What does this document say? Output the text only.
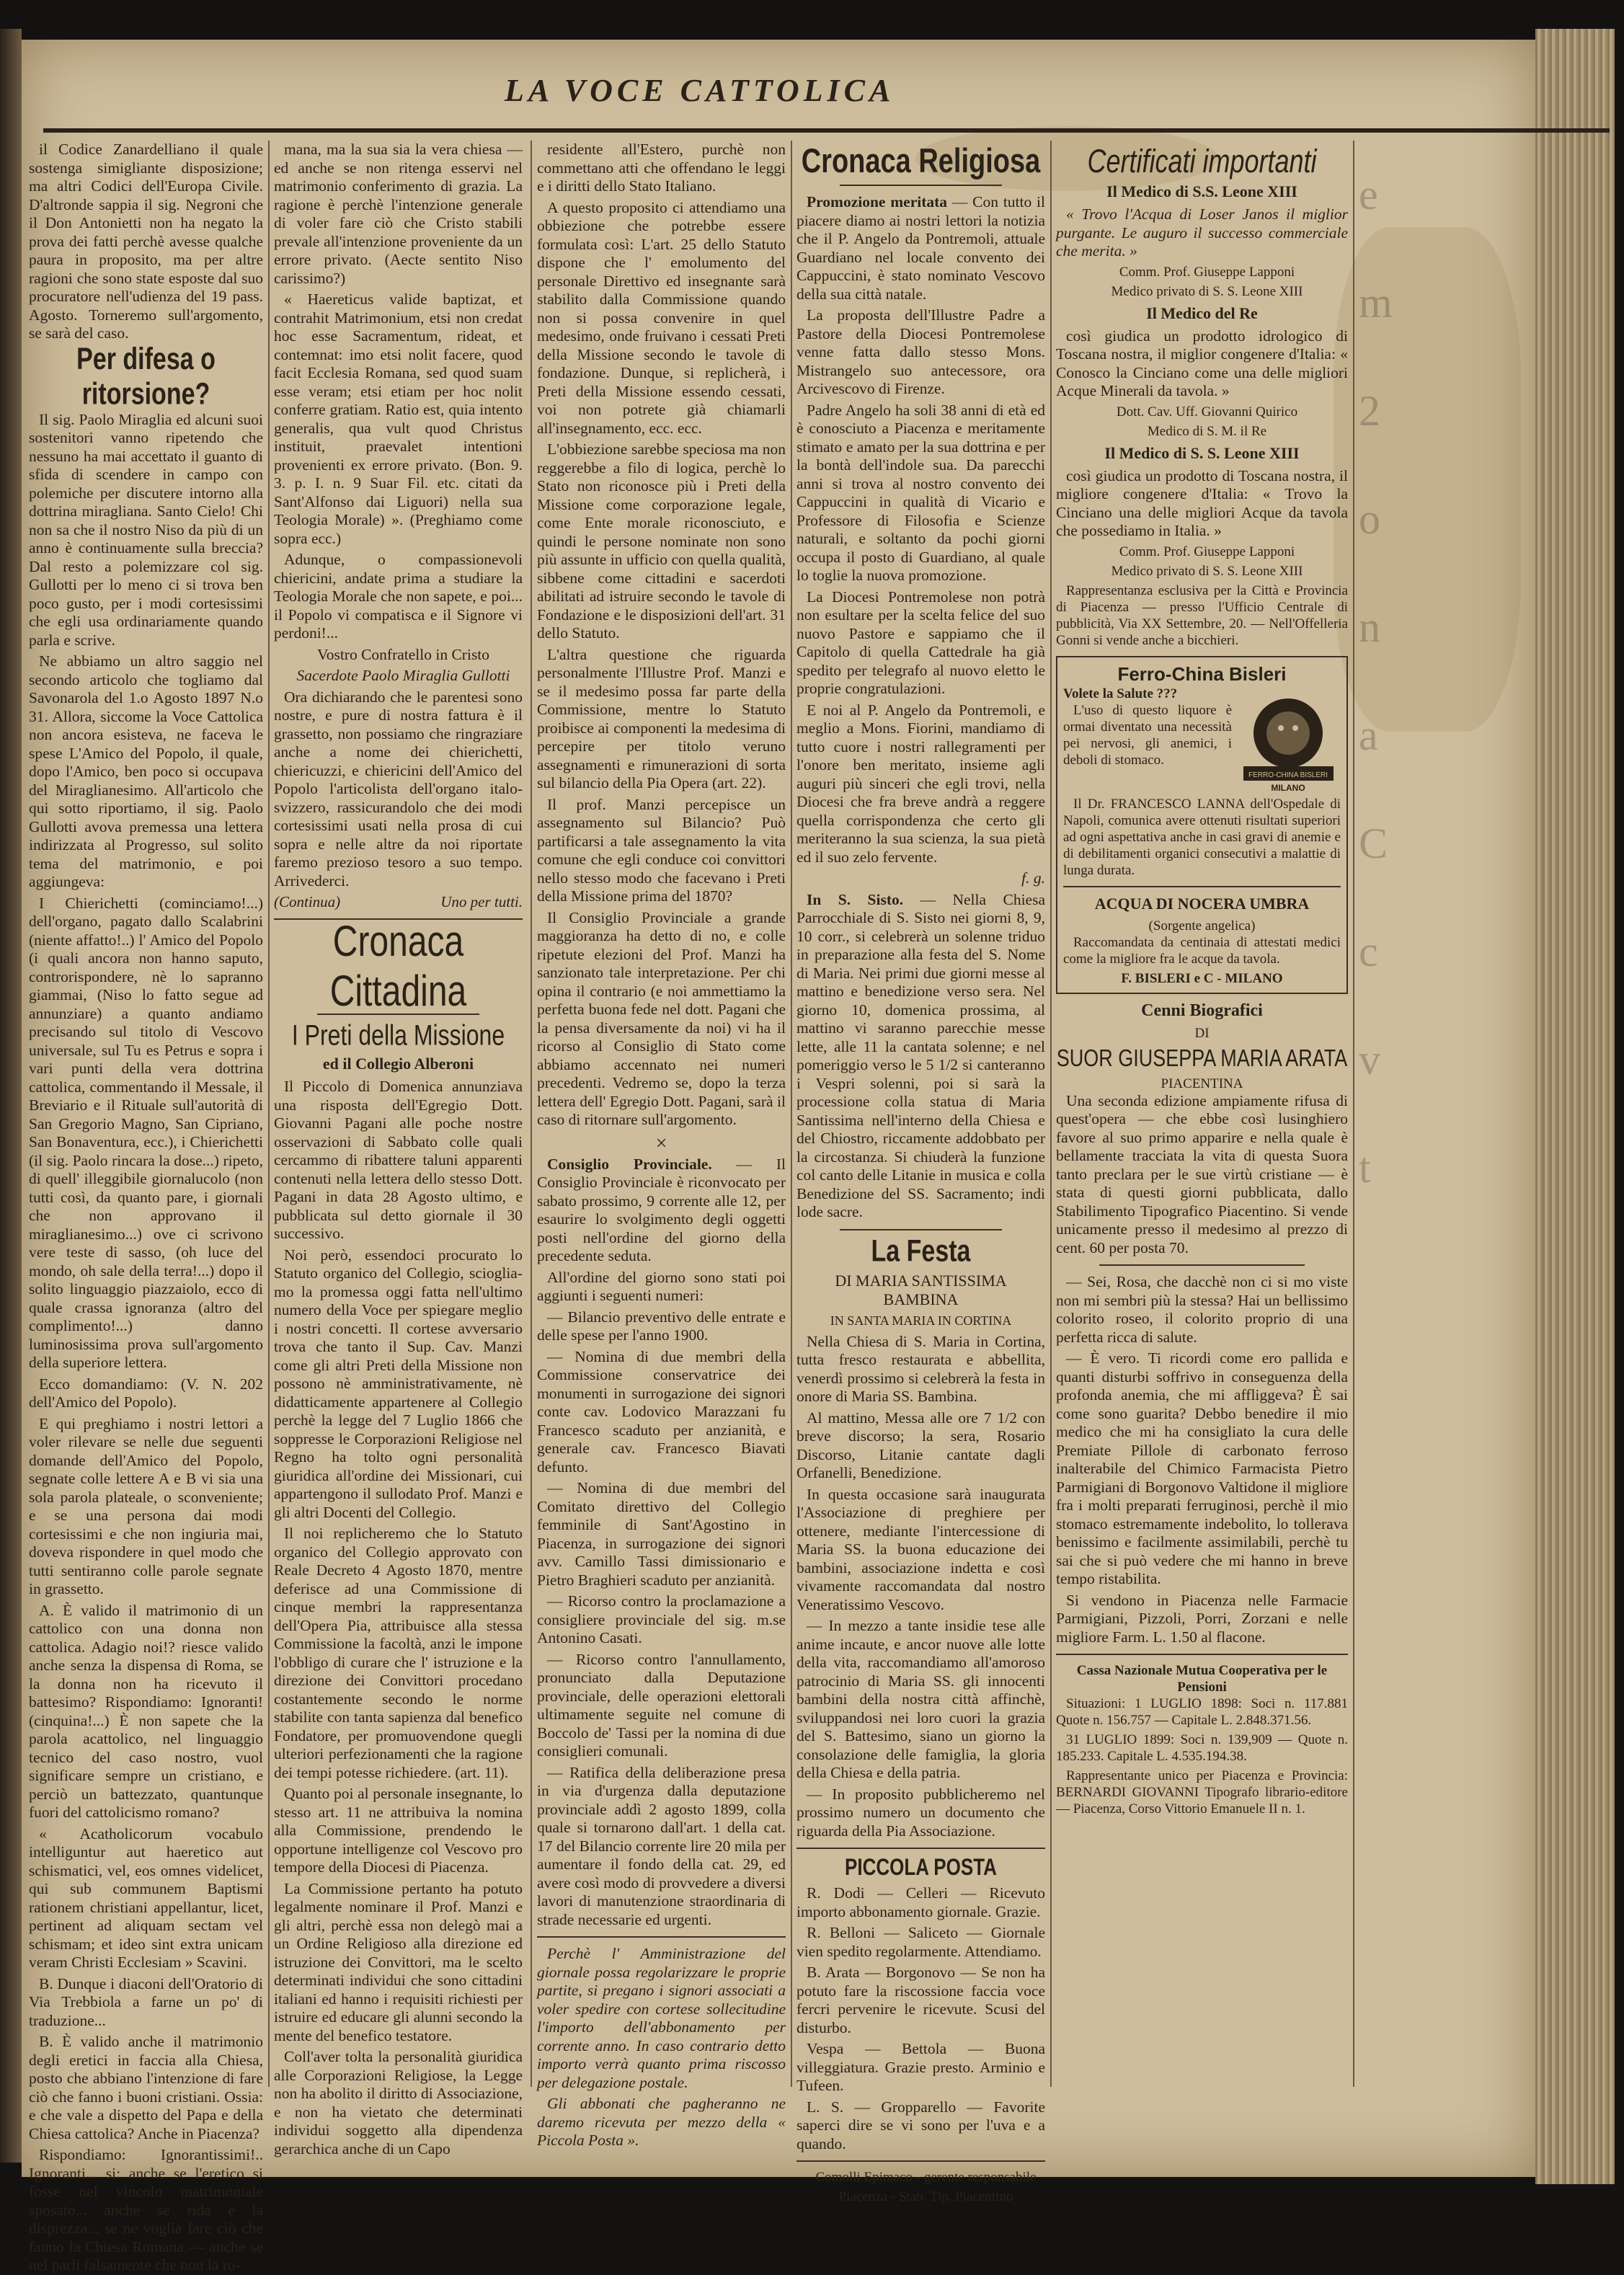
LA VOCE CATTOLICA

il Codice Zanardelliano il quale sostenga simigliante disposizione; ma altri Codici dell'Europa Civile. D'altronde sappia il sig. Negroni che il Don Antonietti non ha negato la prova dei fatti perchè avesse qualche paura in proposito, ma per altre ragioni che sono state esposte dal suo procuratore nell'udienza del 19 pass. Agosto. Torneremo sull'argomento, se sarà del caso.

Per difesa o ritorsione?

Il sig. Paolo Miraglia ed alcuni suoi sostenitori vanno ripetendo che nessuno ha mai accettato il guanto di sfida di scendere in campo con polemiche per discutere intorno alla dottrina miragliana. Santo Cielo! Chi non sa che il nostro Niso da più di un anno è continuamente sulla breccia? Dal resto a polemizzare col sig. Gullotti per lo meno ci si trova ben poco gusto, per i modi cortesissimi che egli usa ordinariamente quando parla e scrive.

Ne abbiamo un altro saggio nel secondo articolo che togliamo dal Savonarola del 1.o Agosto 1897 N.o 31. Allora, siccome la Voce Cattolica non ancora esisteva, ne faceva le spese L'Amico del Popolo, il quale, dopo l'Amico, ben poco si occupava del Miraglianesimo. All'articolo che qui sotto riportiamo, il sig. Paolo Gullotti avova premessa una lettera indirizzata al Progresso, sul solito tema del matrimonio, e poi aggiungeva:

I Chierichetti (cominciamo!...) dell'organo, pagato dallo Scalabrini (niente affatto!..) l' Amico del Popolo (i quali ancora non hanno saputo, controrispondere, nè lo sapranno giammai, (Niso lo fatto segue ad annunziare) a quanto andiamo precisando sul titolo di Vescovo universale, sul Tu es Petrus e sopra i vari punti della vera dottrina cattolica, commentando il Messale, il Breviario e il Rituale sull'autorità di San Gregorio Magno, San Cipriano, San Bonaventura, ecc.), i Chierichetti (il sig. Paolo rincara la dose...) ripeto, di quell' illeggibile giornalucolo (non tutti così, da quanto pare, i giornali che non approvano il miraglianesimo...) ove ci scrivono vere teste di sasso, (oh luce del mondo, oh sale della terra!...) dopo il solito linguaggio piazzaiolo, ecco di quale crassa ignoranza (altro del complimento!...) danno luminosissima prova sull'argomento della superiore lettera.

Ecco domandiamo: (V. N. 202 dell'Amico del Popolo).

E qui preghiamo i nostri lettori a voler rilevare se nelle due seguenti domande dell'Amico del Popolo, segnate colle lettere A e B vi sia una sola parola plateale, o sconveniente; e se una persona dai modi cortesissimi e che non ingiuria mai, doveva rispondere in quel modo che tutti sentiranno colle parole segnate in grassetto.

A. È valido il matrimonio di un cattolico con una donna non cattolica. Adagio noi!? riesce valido anche senza la dispensa di Roma, se la donna non ha ricevuto il battesimo? Rispondiamo: Ignoranti! (cinquina!...) È non sapete che la parola acattolico, nel linguaggio tecnico del caso nostro, vuol significare sempre un cristiano, e perciò un battezzato, quantunque fuori del cattolicismo romano?

« Acatholicorum vocabulo intelliguntur aut haeretico aut schismatici, vel, eos omnes videlicet, qui sub communem Baptismi rationem christiani appellantur, licet, pertinent ad aliquam sectam vel schismam; et ideo sint extra unicam veram Christi Ecclesiam » Scavini.

B. Dunque i diaconi dell'Oratorio di Via Trebbiola a farne un po' di traduzione...

B. È valido anche il matrimonio degli eretici in faccia alla Chiesa, posto che abbiano l'intenzione di fare ciò che fanno i buoni cristiani. Ossia: e che vale a dispetto del Papa e della Chiesa cattolica? Anche in Piacenza?

Rispondiamo: Ignorantissimi!.. Ignoranti... si: anche se l'eretico si fosse nel vincolo matrimoniale sposato... anche se rida e la disprezza... se ne voglia fare ciò che fanno la Chiesa Romana — anche se nel parli falsamente che non la ro-

mana, ma la sua sia la vera chiesa — ed anche se non ritenga esservi nel matrimonio conferimento di grazia. La ragione è perchè l'intenzione generale di voler fare ciò che Cristo stabili prevale all'intenzione proveniente da un errore privato. (Aecte sentito Niso carissimo?)

« Haereticus valide baptizat, et contrahit Matrimonium, etsi non credat hoc esse Sacramentum, rideat, et contemnat: imo etsi nolit facere, quod facit Ecclesia Romana, sed quod suam esse veram; etsi etiam per hoc nolit conferre gratiam. Ratio est, quia intento generalis, qua vult quod Christus instituit, praevalet intentioni provenienti ex errore privato. (Bon. 9. 3. p. I. n. 9 Suar Fil. etc. citati da Sant'Alfonso dai Liguori) nella sua Teologia Morale) ». (Preghiamo come sopra ecc.)

Adunque, o compassionevoli chiericini, andate prima a studiare la Teologia Morale che non sapete, e poi... il Popolo vi compatisca e il Signore vi perdoni!...

Vostro Confratello in Cristo

Sacerdote Paolo Miraglia Gullotti

Ora dichiarando che le parentesi sono nostre, e pure di nostra fattura è il grassetto, non possiamo che ringraziare anche a nome dei chierichetti, chiericuzzi, e chiericini dell'Amico del Popolo l'articolista dell'organo italo-svizzero, rassicurandolo che dei modi cortesissimi usati nella prosa di cui sopra e nelle altre da noi riportate faremo prezioso tesoro a suo tempo. Arrivederci.

(Continua)	Uno per tutti.
Cronaca Cittadina
I Preti della Missione
ed il Collegio Alberoni

Il Piccolo di Domenica annunziava una risposta dell'Egregio Dott. Giovanni Pagani alle poche nostre osservazioni di Sabbato colle quali cercammo di ribattere taluni apparenti contenuti nella lettera dello stesso Dott. Pagani in data 28 Agosto ultimo, e pubblicata sul detto giornale il 30 successivo.

Noi però, essendoci procurato lo Statuto organico del Collegio, scioglia-mo la promessa oggi fatta nell'ultimo numero della Voce per spiegare meglio i nostri concetti. Il cortese avversario trova che tanto il Sup. Cav. Manzi come gli altri Preti della Missione non possono nè amministrativamente, nè didatticamente appartenere al Collegio perchè la legge del 7 Luglio 1866 che soppresse le Corporazioni Religiose nel Regno ha tolto ogni personalità giuridica all'ordine dei Missionari, cui appartengono il sullodato Prof. Manzi e gli altri Docenti del Collegio.

Il noi replicheremo che lo Statuto organico del Collegio approvato con Reale Decreto 4 Agosto 1870, mentre deferisce ad una Commissione di cinque membri la rappresentanza dell'Opera Pia, attribuisce alla stessa Commissione la facoltà, anzi le impone l'obbligo di curare che l' istruzione e la direzione dei Convittori procedano costantemente secondo le norme stabilite con tanta sapienza dal benefico Fondatore, per promuovendone quegli ulteriori perfezionamenti che la ragione dei tempi potesse richiedere. (art. 11).

Quanto poi al personale insegnante, lo stesso art. 11 ne attribuiva la nomina alla Commissione, prendendo le opportune intelligenze col Vescovo pro tempore della Diocesi di Piacenza.

La Commissione pertanto ha potuto legalmente nominare il Prof. Manzi e gli altri, perchè essa non delegò mai a un Ordine Religioso alla direzione ed istruzione dei Convittori, ma le scelto determinati individui che sono cittadini italiani ed hanno i requisiti richiesti per istruire ed educare gli alunni secondo la mente del benefico testatore.

Coll'aver tolta la personalità giuridica alle Corporazioni Religiose, la Legge non ha abolito il diritto di Associazione, e non ha vietato che determinati individui soggetto alla dipendenza gerarchica anche di un Capo

residente all'Estero, purchè non commettano atti che offendano le leggi e i diritti dello Stato Italiano.

A questo proposito ci attendiamo una obbiezione che potrebbe essere formulata così: L'art. 25 dello Statuto dispone che l' emolumento del personale Direttivo ed insegnante sarà stabilito dalla Commissione quando non si possa convenire in quel medesimo, onde fruivano i cessati Preti della Missione secondo le tavole di fondazione. Dunque, si replicherà, i Preti della Missione essendo cessati, voi non potrete già chiamarli all'insegnamento, ecc. ecc.

L'obbiezione sarebbe speciosa ma non reggerebbe a filo di logica, perchè lo Stato non riconosce più i Preti della Missione come corporazione legale, come Ente morale riconosciuto, e quindi le persone nominate non sono più assunte in ufficio con quella qualità, sibbene come cittadini e sacerdoti abilitati ad istruire secondo le tavole di Fondazione e le disposizioni dell'art. 31 dello Statuto.

L'altra questione che riguarda personalmente l'Illustre Prof. Manzi e se il medesimo possa far parte della Commissione, mentre lo Statuto proibisce ai componenti la medesima di percepire per titolo veruno assegnamenti e rimunerazioni di sorta sul bilancio della Pia Opera (art. 22).

Il prof. Manzi percepisce un assegnamento sul Bilancio? Può partificarsi a tale assegnamento la vita comune che egli conduce coi convittori nello stesso modo che facevano i Preti della Missione prima del 1870?

Il Consiglio Provinciale a grande maggioranza ha detto di no, e colle ripetute elezioni del Prof. Manzi ha sanzionato tale interpretazione. Per chi opina il contrario (e noi ammettiamo la perfetta buona fede nel dott. Pagani che la pensa diversamente da noi) vi ha il ricorso al Consiglio di Stato come abbiamo accennato nei numeri precedenti. Vedremo se, dopo la terza lettera dell' Egregio Dott. Pagani, sarà il caso di ritornare sull'argomento.

×

Consiglio Provinciale. — Il Consiglio Provinciale è riconvocato per sabato prossimo, 9 corrente alle 12, per esaurire lo svolgimento degli oggetti posti nell'ordine del giorno della precedente seduta.

All'ordine del giorno sono stati poi aggiunti i seguenti numeri:

— Bilancio preventivo delle entrate e delle spese per l'anno 1900.

— Nomina di due membri della Commissione conservatrice dei monumenti in surrogazione dei signori conte cav. Lodovico Marazzani fu Francesco scaduto per anzianità, e generale cav. Francesco Biavati defunto.

— Nomina di due membri del Comitato direttivo del Collegio femminile di Sant'Agostino in Piacenza, in surrogazione dei signori avv. Camillo Tassi dimissionario e Pietro Braghieri scaduto per anzianità.

— Ricorso contro la proclamazione a consigliere provinciale del sig. m.se Antonino Casati.

— Ricorso contro l'annullamento, pronunciato dalla Deputazione provinciale, delle operazioni elettorali ultimamente seguite nel comune di Boccolo de' Tassi per la nomina di due consiglieri comunali.

— Ratifica della deliberazione presa in via d'urgenza dalla deputazione provinciale addì 2 agosto 1899, colla quale si tornarono dall'art. 1 della cat. 17 del Bilancio corrente lire 20 mila per aumentare il fondo della cat. 29, ed avere così modo di provvedere a diversi lavori di manutenzione straordinaria di strade necessarie ed urgenti.

Perchè l' Amministrazione del giornale possa regolarizzare le proprie partite, si pregano i signori associati a voler spedire con cortese sollecitudine l'importo dell'abbonamento per corrente anno. In caso contrario detto importo verrà quanto prima riscosso per delegazione postale.

Gli abbonati che pagheranno ne daremo ricevuta per mezzo della « Piccola Posta ».

Cronaca Religiosa

Promozione meritata — Con tutto il piacere diamo ai nostri lettori la notizia che il P. Angelo da Pontremoli, attuale Guardiano nel locale convento dei Cappuccini, è stato nominato Vescovo della sua città natale.

La proposta dell'Illustre Padre a Pastore della Diocesi Pontremolese venne fatta dallo stesso Mons. Mistrangelo suo antecessore, ora Arcivescovo di Firenze.

Padre Angelo ha soli 38 anni di età ed è conosciuto a Piacenza e meritamente stimato e amato per la sua dottrina e per la bontà dell'indole sua. Da parecchi anni si trova al nostro convento dei Cappuccini in qualità di Vicario e Professore di Filosofia e Scienze naturali, e soltanto da pochi giorni occupa il posto di Guardiano, al quale lo toglie la nuova promozione.

La Diocesi Pontremolese non potrà non esultare per la scelta felice del suo nuovo Pastore e sappiamo che il Capitolo di quella Cattedrale ha già spedito per telegrafo al nuovo eletto le proprie congratulazioni.

E noi al P. Angelo da Pontremoli, e meglio a Mons. Fiorini, mandiamo di tutto cuore i nostri rallegramenti per l'onore ben meritato, insieme agli auguri più sinceri che egli trovi, nella Diocesi che fra breve andrà a reggere quella corrispondenza che certo gli meriteranno la sua scienza, la sua pietà ed il suo zelo fervente.

f. g.

In S. Sisto. — Nella Chiesa Parrocchiale di S. Sisto nei giorni 8, 9, 10 corr., si celebrerà un solenne triduo in preparazione alla festa del S. Nome di Maria. Nei primi due giorni messe al mattino e benedizione verso sera. Nel giorno 10, domenica prossima, al mattino vi saranno parecchie messe lette, alle 11 la cantata solenne; e nel pomeriggio verso le 5 1/2 si canteranno i Vespri solenni, poi si sarà la processione colla statua di Maria Santissima nell'interno della Chiesa e del Chiostro, riccamente addobbato per la circostanza. Si chiuderà la funzione col canto delle Litanie in musica e colla Benedizione del SS. Sacramento; indi lode sacre.

La Festa
DI MARIA SANTISSIMA BAMBINA
IN SANTA MARIA IN CORTINA

Nella Chiesa di S. Maria in Cortina, tutta fresco restaurata e abbellita, venerdì prossimo si celebrerà la festa in onore di Maria SS. Bambina.

Al mattino, Messa alle ore 7 1/2 con breve discorso; la sera, Rosario Discorso, Litanie cantate dagli Orfanelli, Benedizione.

In questa occasione sarà inaugurata l'Associazione di preghiere per ottenere, mediante l'intercessione di Maria SS. la buona educazione dei bambini, associazione indetta e così vivamente raccomandata dal nostro Veneratissimo Vescovo.

— In mezzo a tante insidie tese alle anime incaute, e ancor nuove alle lotte della vita, raccomandiamo all'amoroso patrocinio di Maria SS. gli innocenti bambini della nostra città affinchè, sviluppandosi nei loro cuori la grazia del S. Battesimo, siano un giorno la consolazione delle famiglia, la gloria della Chiesa e della patria.

— In proposito pubblicheremo nel prossimo numero un documento che riguarda della Pia Associazione.

PICCOLA POSTA

R. Dodi — Celleri — Ricevuto importo abbonamento giornale. Grazie.

R. Belloni — Saliceto — Giornale vien spedito regolarmente. Attendiamo.

B. Arata — Borgonovo — Se non ha potuto fare la riscossione faccia voce fercri pervenire le ricevute. Scusi del disturbo.

Vespa — Bettola — Buona villeggiatura. Grazie presto. Arminio e Tufeen.

L. S. — Gropparello — Favorite saperci dire se vi sono per l'uva e a quando.

Comolli Epimaco - gerente responsabile

Piacenza - Stab. Tip. Piacentino

Certificati importanti
Il Medico di S.S. Leone XIII

« Trovo l'Acqua di Loser Janos il miglior purgante. Le auguro il successo commerciale che merita. »

Comm. Prof. Giuseppe Lapponi

Medico privato di S. S. Leone XIII

Il Medico del Re

così giudica un prodotto idrologico di Toscana nostra, il miglior congenere d'Italia: « Conosco la Cinciano come una delle migliori Acque Minerali da tavola. »

Dott. Cav. Uff. Giovanni Quirico

Medico di S. M. il Re

Il Medico di S. S. Leone XIII

così giudica un prodotto di Toscana nostra, il migliore congenere d'Italia: « Trovo la Cinciano una delle migliori Acque da tavola che possediamo in Italia. »

Comm. Prof. Giuseppe Lapponi

Medico privato di S. S. Leone XIII

Rappresentanza esclusiva per la Città e Provincia di Piacenza — presso l'Ufficio Centrale di pubblicità, Via XX Settembre, 20. — Nell'Offelleria Gonni si vende anche a bicchieri.

Ferro-China Bisleri
FERRO-CHINA BISLERI
MILANO
Volete la Salute ???

L'uso di questo liquore è ormai diventato una necessità pei nervosi, gli anemici, i deboli di stomaco.

Il Dr. FRANCESCO LANNA dell'Ospedale di Napoli, comunica avere ottenuti risultati superiori ad ogni aspettativa anche in casi gravi di anemie e di debilitamenti organici consecutivi a malattie di lunga durata.

ACQUA DI NOCERA UMBRA
(Sorgente angelica)

Raccomandata da centinaia di attestati medici come la migliore fra le acque da tavola.

F. BISLERI e C - MILANO
Cenni Biografici
DI
SUOR GIUSEPPA MARIA ARATA
PIACENTINA

Una seconda edizione ampiamente rifusa di quest'opera — che ebbe così lusinghiero favore al suo primo apparire e nella quale è bellamente tracciata la vita di questa Suora tanto preclara per le sue virtù cristiane — è stata di questi giorni pubblicata, dallo Stabilimento Tipografico Piacentino. Si vende unicamente presso il medesimo al prezzo di cent. 60 per posta 70.

— Sei, Rosa, che dacchè non ci si mo viste non mi sembri più la stessa? Hai un bellissimo colorito roseo, il colorito proprio di una perfetta ricca di salute.

— È vero. Ti ricordi come ero pallida e quanti disturbi soffrivo in conseguenza della profonda anemia, che mi affliggeva? È sai come sono guarita? Debbo benedire il mio medico che mi ha consigliato la cura delle Premiate Pillole di carbonato ferroso inalterabile del Chimico Farmacista Pietro Parmigiani di Borgonovo Valtidone il migliore fra i molti preparati ferruginosi, perchè il mio stomaco estremamente indebolito, lo tollerava benissimo e facilmente assimilabili, perchè tu sai che si può vedere che mi hanno in breve tempo ristabilita.

Si vendono in Piacenza nelle Farmacie Parmigiani, Pizzoli, Porri, Zorzani e nelle migliore Farm. L. 1.50 al flacone.

Cassa Nazionale Mutua Cooperativa per le Pensioni

Situazioni: 1 LUGLIO 1898: Soci n. 117.881 Quote n. 156.757 — Capitale L. 2.848.371.56.

31 LUGLIO 1899: Soci n. 139,909 — Quote n. 185.233. Capitale L. 4.535.194.38.

Rappresentante unico per Piacenza e Provincia: BERNARDI GIOVANNI Tipografo librario-editore — Piacenza, Corso Vittorio Emanuele II n. 1.

e
m
2
o
n
a
C
c
v
t
